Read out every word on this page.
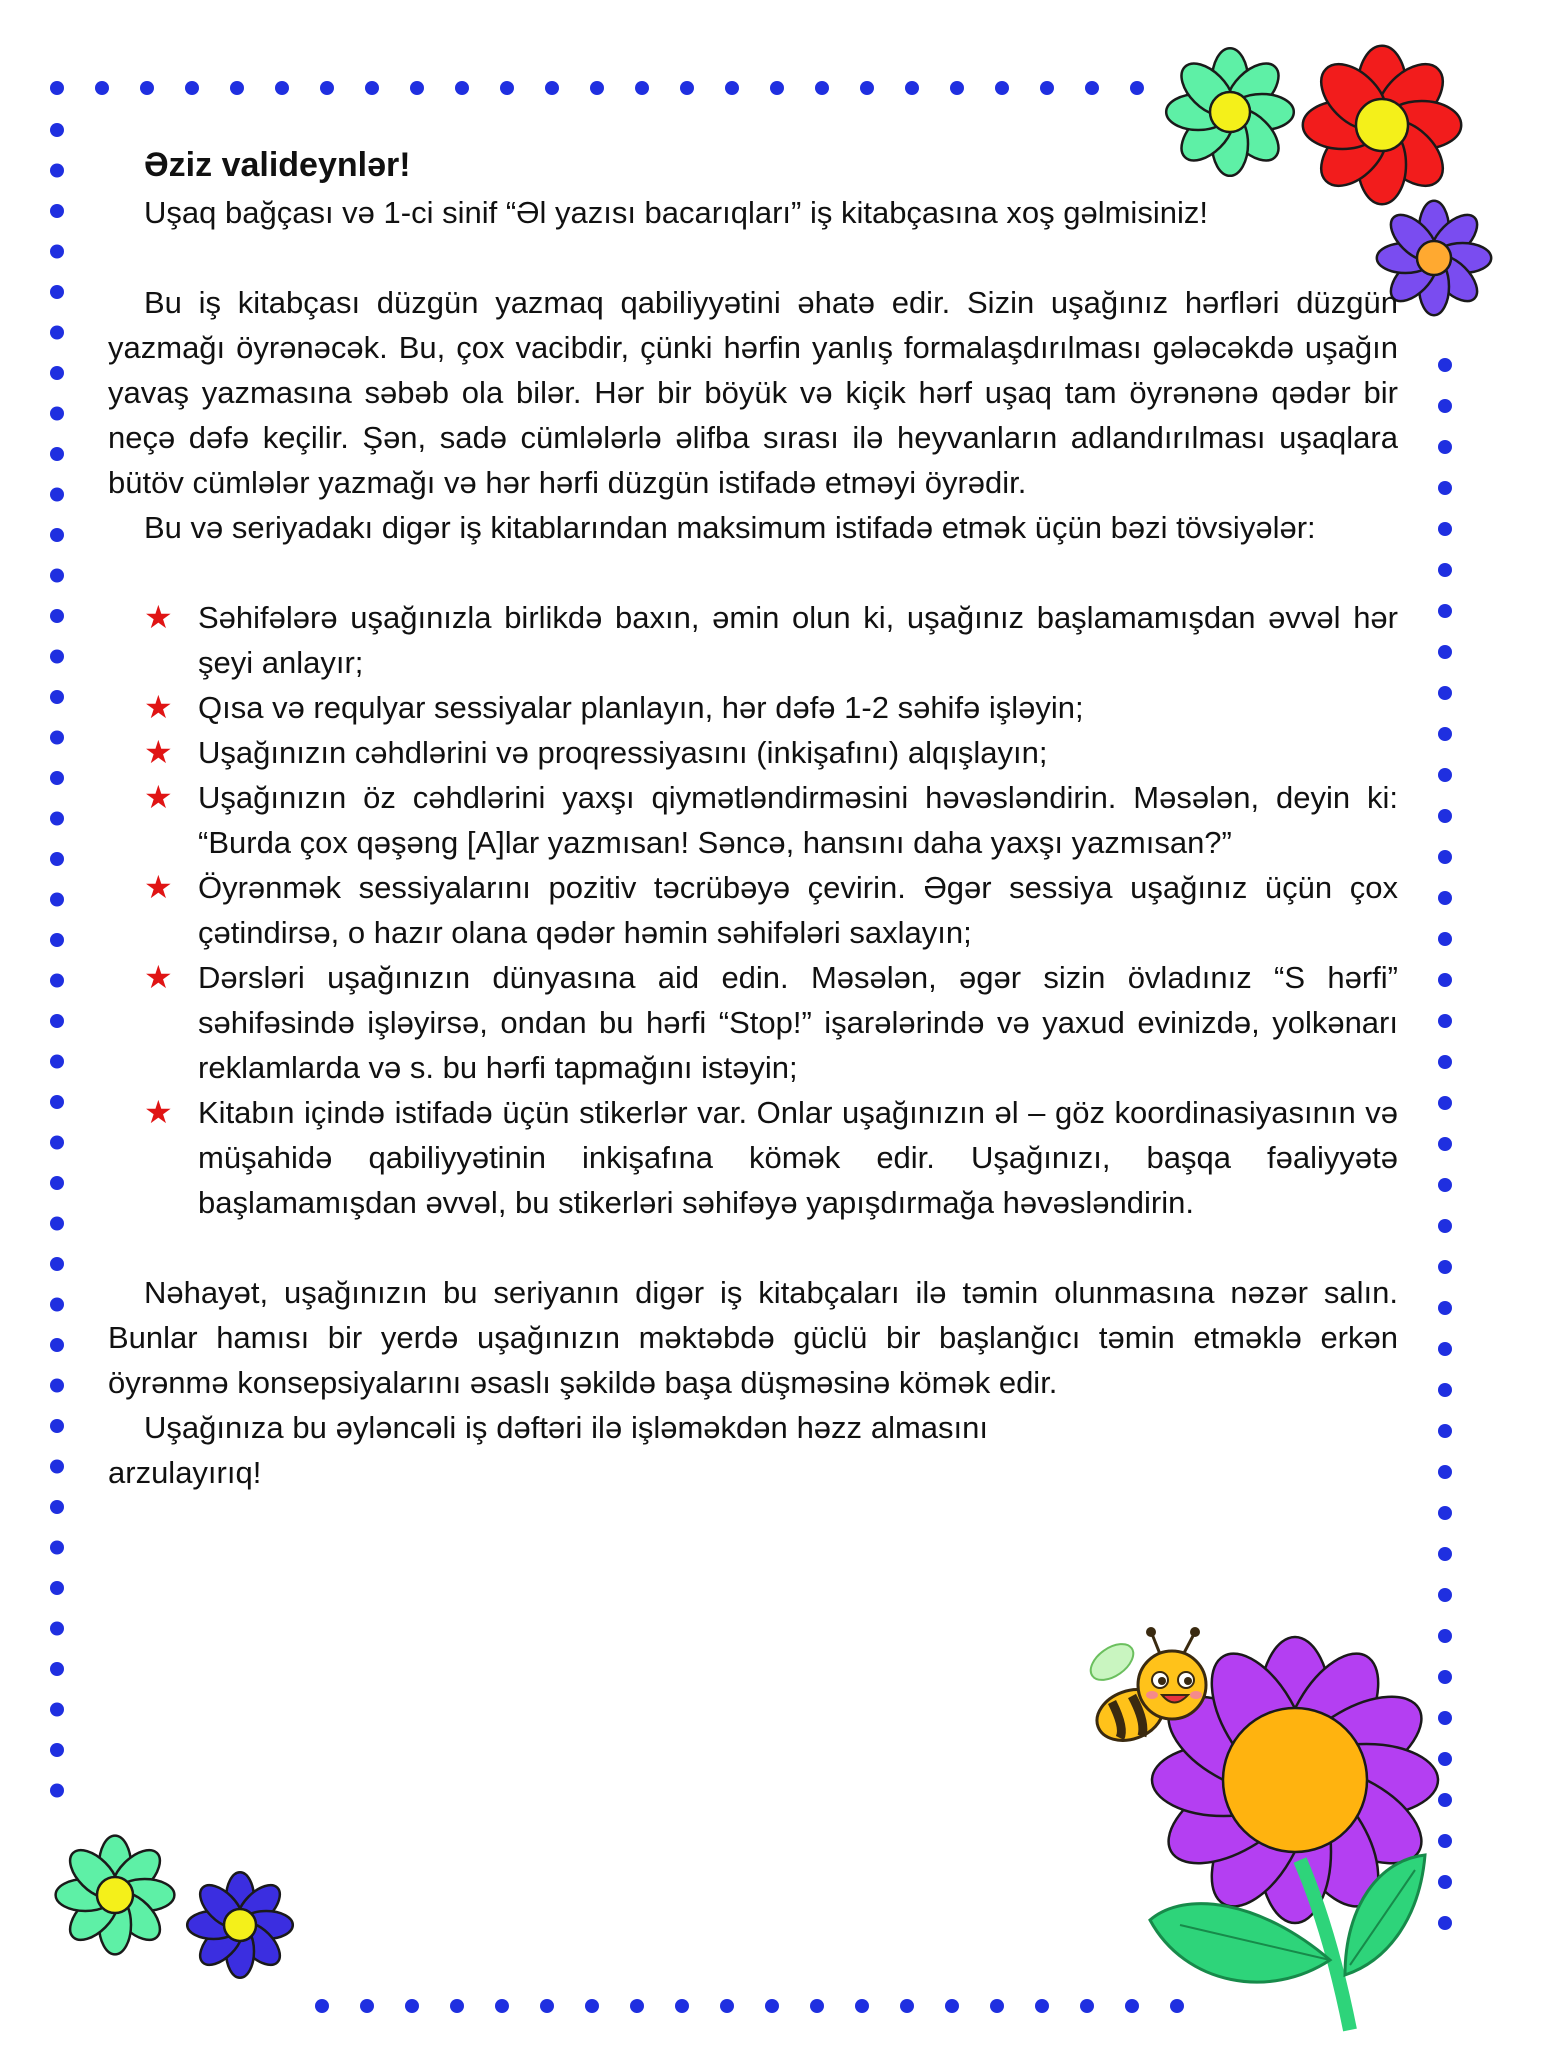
Əziz valideynlər!

Uşaq bağçası və 1-ci sinif “Əl yazısı bacarıqları” iş kitabçasına xoş gəlmisiniz!

Bu iş kitabçası düzgün yazmaq qabiliyyətini əhatə edir. Sizin uşağınız hərfləri düzgün yazmağı öyrənəcək. Bu, çox vacibdir, çünki hərfin yanlış formalaşdırılması gələcəkdə uşağın yavaş yazmasına səbəb ola bilər. Hər bir böyük və kiçik hərf uşaq tam öyrənənə qədər bir neçə dəfə keçilir. Şən, sadə cümlələrlə əlifba sırası ilə heyvanların adlandırılması uşaqlara bütöv cümlələr yazmağı və hər hərfi düzgün istifadə etməyi öyrədir.

Bu və seriyadakı digər iş kitablarından maksimum istifadə etmək üçün bəzi tövsiyələr:

★ Səhifələrə uşağınızla birlikdə baxın, əmin olun ki, uşağınız başlamamışdan əvvəl hər şeyi anlayır;
★ Qısa və requlyar sessiyalar planlayın, hər dəfə 1-2 səhifə işləyin;
★ Uşağınızın cəhdlərini və proqressiyasını (inkişafını) alqışlayın;
★ Uşağınızın öz cəhdlərini yaxşı qiymətləndirməsini həvəsləndirin. Məsələn, deyin ki: “Burda çox qəşəng [A]lar yazmısan! Səncə, hansını daha yaxşı yazmısan?”
★ Öyrənmək sessiyalarını pozitiv təcrübəyə çevirin. Əgər sessiya uşağınız üçün çox çətindirsə, o hazır olana qədər həmin səhifələri saxlayın;
★ Dərsləri uşağınızın dünyasına aid edin. Məsələn, əgər sizin övladınız “S hərfi” səhifəsində işləyirsə, ondan bu hərfi “Stop!” işarələrində və yaxud evinizdə, yolkənarı reklamlarda və s. bu hərfi tapmağını istəyin;
★ Kitabın içində istifadə üçün stikerlər var. Onlar uşağınızın əl – göz koordinasiyasının və müşahidə qabiliyyətinin inkişafına kömək edir. Uşağınızı, başqa fəaliyyətə başlamamışdan əvvəl, bu stikerləri səhifəyə yapışdırmağa həvəsləndirin.

Nəhayət, uşağınızın bu seriyanın digər iş kitabçaları ilə təmin olunmasına nəzər salın. Bunlar hamısı bir yerdə uşağınızın məktəbdə güclü bir başlanğıcı təmin etməklə erkən öyrənmə konsepsiyalarını əsaslı şəkildə başa düşməsinə kömək edir.

Uşağınıza bu əyləncəli iş dəftəri ilə işləməkdən həzz almasını arzulayırıq!
